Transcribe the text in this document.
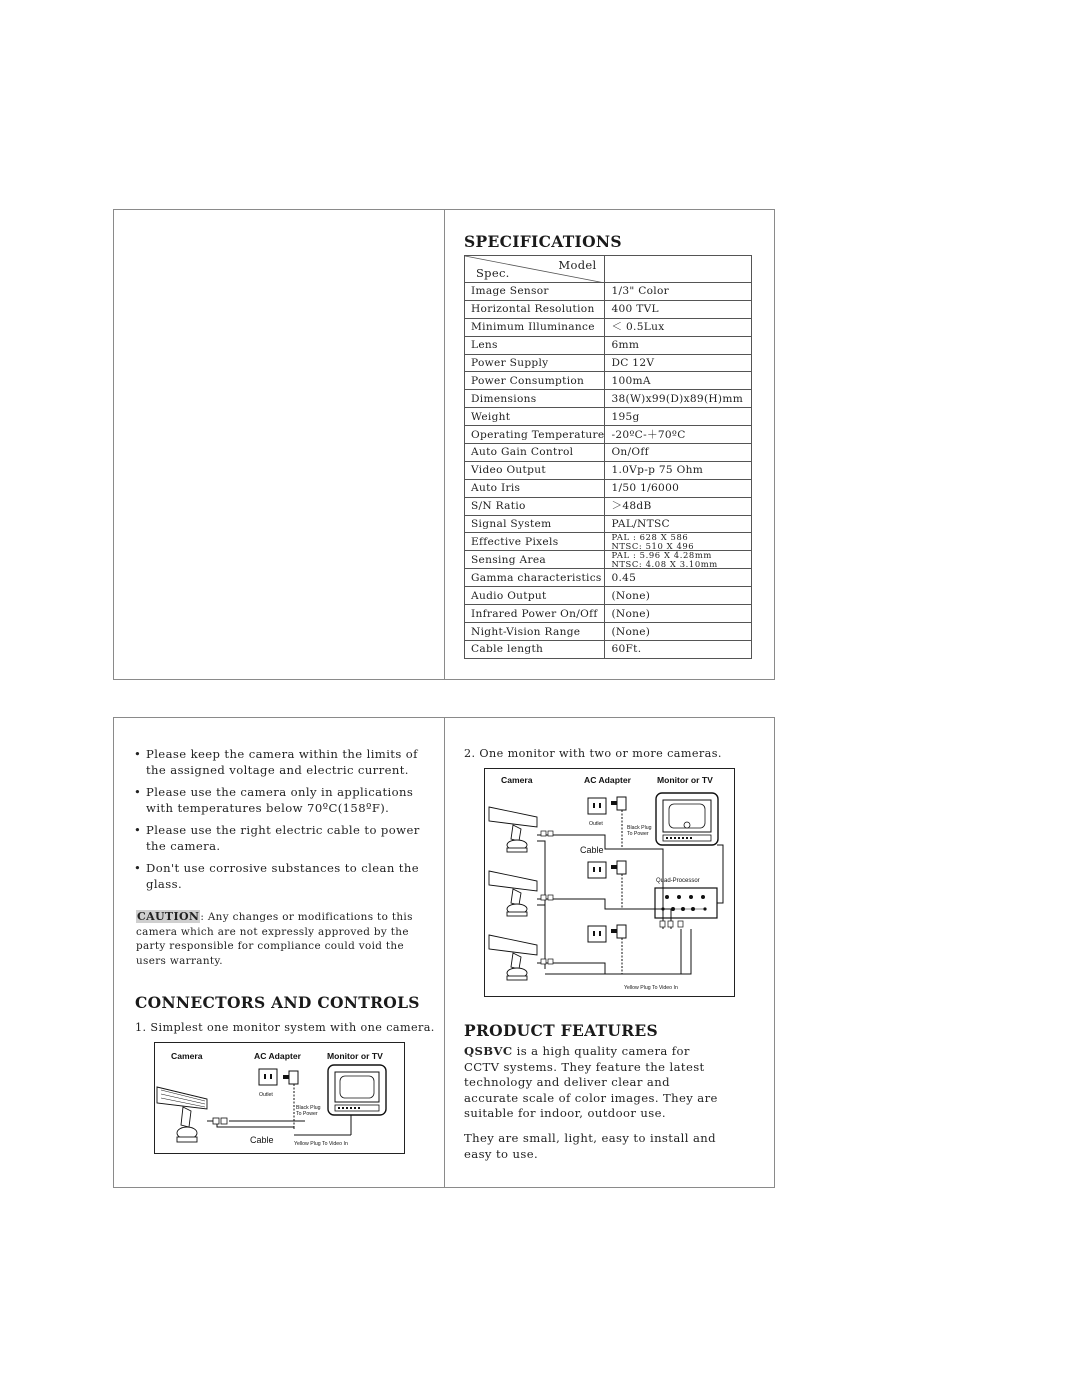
SPECIFICATIONS
Spec.
Model	

Image Sensor	1/3" Color
Horizontal Resolution	400 TVL
Minimum Illuminance	＜ 0.5Lux
Lens	6mm
Power Supply	DC 12V
Power Consumption	100mA
Dimensions	38(W)x99(D)x89(H)mm
Weight	195g
Operating Temperature	-20ºC-＋70ºC
Auto Gain Control	On/Off
Video Output	1.0Vp-p 75 Ohm
Auto Iris	1/50 1/6000
S/N Ratio	＞48dB
Signal System	PAL/NTSC
Effective Pixels	PAL : 628 X 586
NTSC: 510 X 496

Sensing Area	PAL : 5.96 X 4.28mm
NTSC: 4.08 X 3.10mm

Gamma characteristics	0.45
Audio Output	(None)
Infrared Power On/Off	(None)
Night-Vision Range	(None)
Cable length	60Ft.
• Please keep the camera within the limits of the assigned voltage and electric current.
• Please use the camera only in applications with temperatures below 70ºC(158ºF).
• Please use the right electric cable to power the camera.
• Don't use corrosive substances to clean the glass.
CAUTION: Any changes or modifications to this camera which are not expressly approved by the party responsible for compliance could void the users warranty.
CONNECTORS AND CONTROLS
1. Simplest one monitor system with one camera.
Camera	AC Adapter	Monitor or TV
Outlet
Black Plug
To Power
Cable	Yellow Plug To Video In
2. One monitor with two or more cameras.
Camera	AC Adapter	Monitor or TV
Outlet
Black Plug
To Power
Quad-Processor
Cable
Yellow Plug To Video In
PRODUCT FEATURES
QSBVC is a high quality camera for CCTV systems. They feature the latest technology and deliver clear and accurate scale of color images. They are suitable for indoor, outdoor use.
They are small, light, easy to install and easy to use.
